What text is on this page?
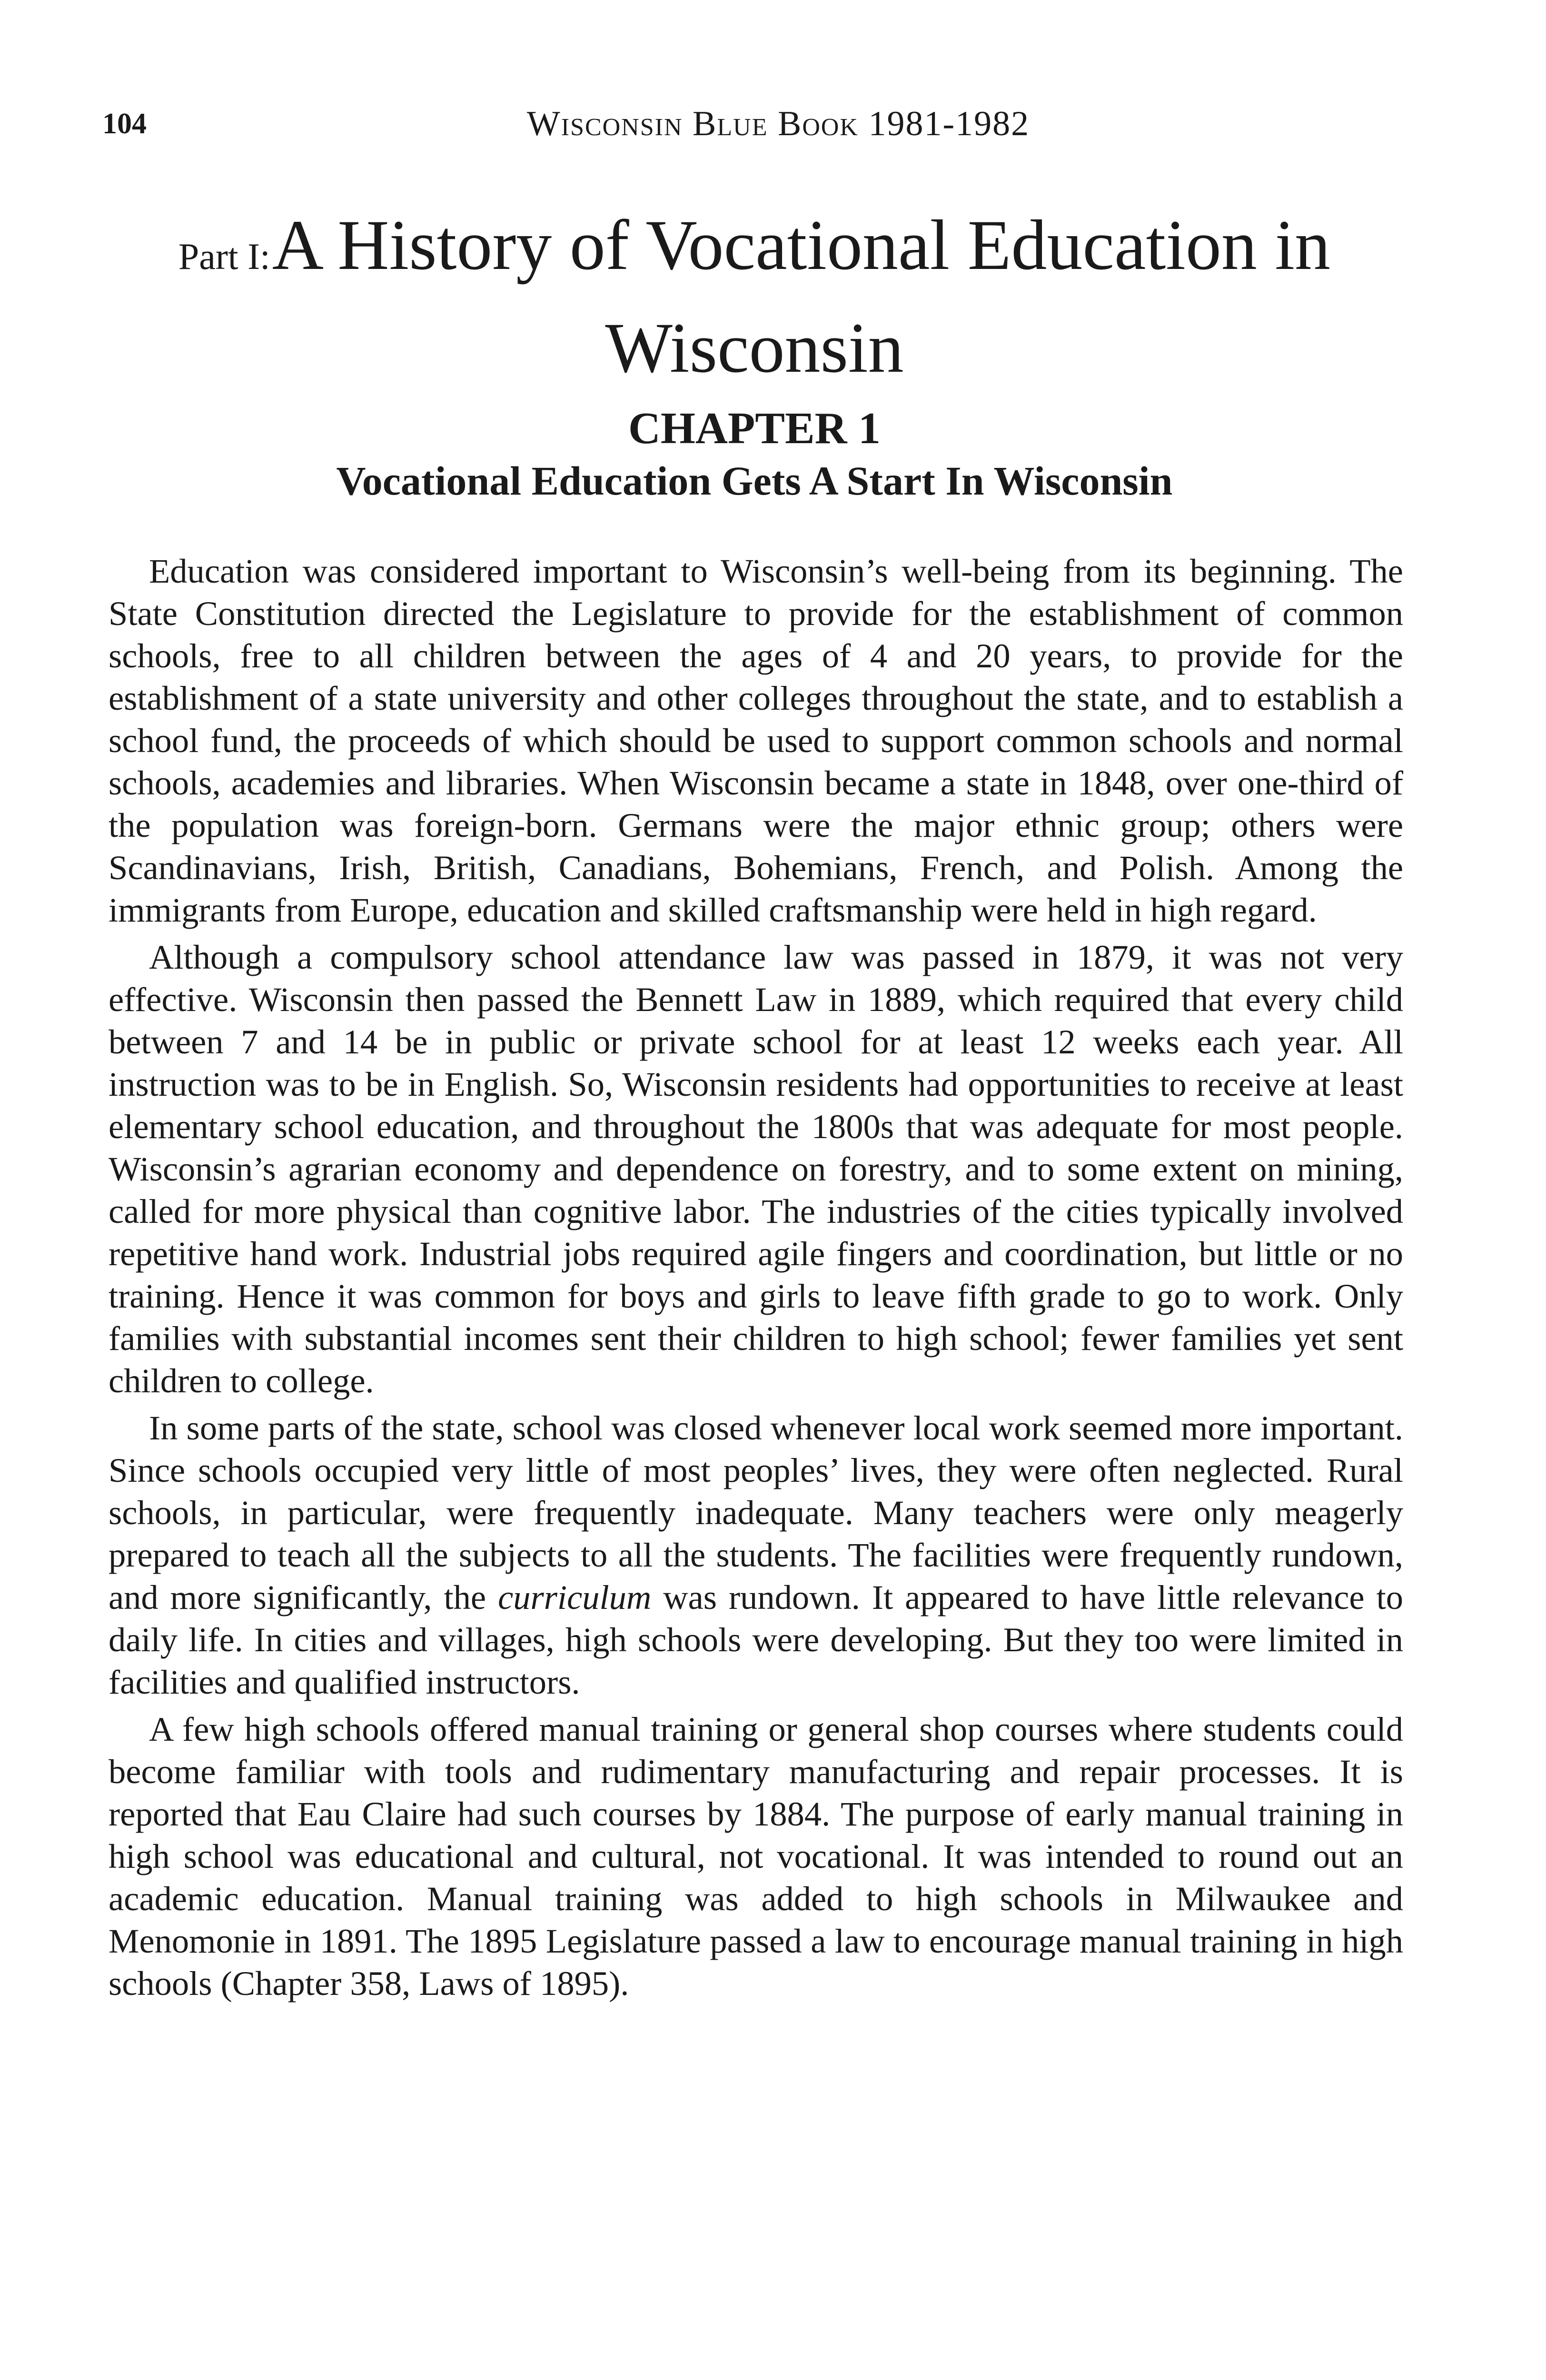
104	Wisconsin Blue Book 1981-1982
Part I: A History of Vocational Education in Wisconsin
CHAPTER 1
Vocational Education Gets A Start In Wisconsin

Education was considered important to Wisconsin’s well-being from its beginning. The State Constitution directed the Legislature to provide for the establishment of common schools, free to all children between the ages of 4 and 20 years, to provide for the establishment of a state university and other colleges throughout the state, and to establish a school fund, the proceeds of which should be used to support common schools and normal schools, academies and libraries. When Wisconsin became a state in 1848, over one-third of the population was foreign-born. Germans were the major ethnic group; others were Scandinavians, Irish, British, Canadians, Bohemians, French, and Polish. Among the immigrants from Europe, education and skilled craftsmanship were held in high regard.

Although a compulsory school attendance law was passed in 1879, it was not very effective. Wisconsin then passed the Bennett Law in 1889, which required that every child between 7 and 14 be in public or private school for at least 12 weeks each year. All instruction was to be in English. So, Wisconsin residents had opportunities to receive at least elementary school education, and throughout the 1800s that was adequate for most people. Wisconsin’s agrarian economy and dependence on forestry, and to some extent on mining, called for more physical than cognitive labor. The industries of the cities typically involved repetitive hand work. Industrial jobs required agile fingers and coordination, but little or no training. Hence it was common for boys and girls to leave fifth grade to go to work. Only families with substantial incomes sent their children to high school; fewer families yet sent children to college.

In some parts of the state, school was closed whenever local work seemed more important. Since schools occupied very little of most peoples’ lives, they were often neglected. Rural schools, in particular, were frequently inadequate. Many teachers were only meagerly prepared to teach all the subjects to all the students. The facilities were frequently rundown, and more significantly, the curriculum was rundown. It appeared to have little relevance to daily life. In cities and villages, high schools were developing. But they too were limited in facilities and qualified instructors.

A few high schools offered manual training or general shop courses where students could become familiar with tools and rudimentary manufacturing and repair processes. It is reported that Eau Claire had such courses by 1884. The purpose of early manual training in high school was educational and cultural, not vocational. It was intended to round out an academic education. Manual training was added to high schools in Milwaukee and Menomonie in 1891. The 1895 Legislature passed a law to encourage manual training in high schools (Chapter 358, Laws of 1895).
